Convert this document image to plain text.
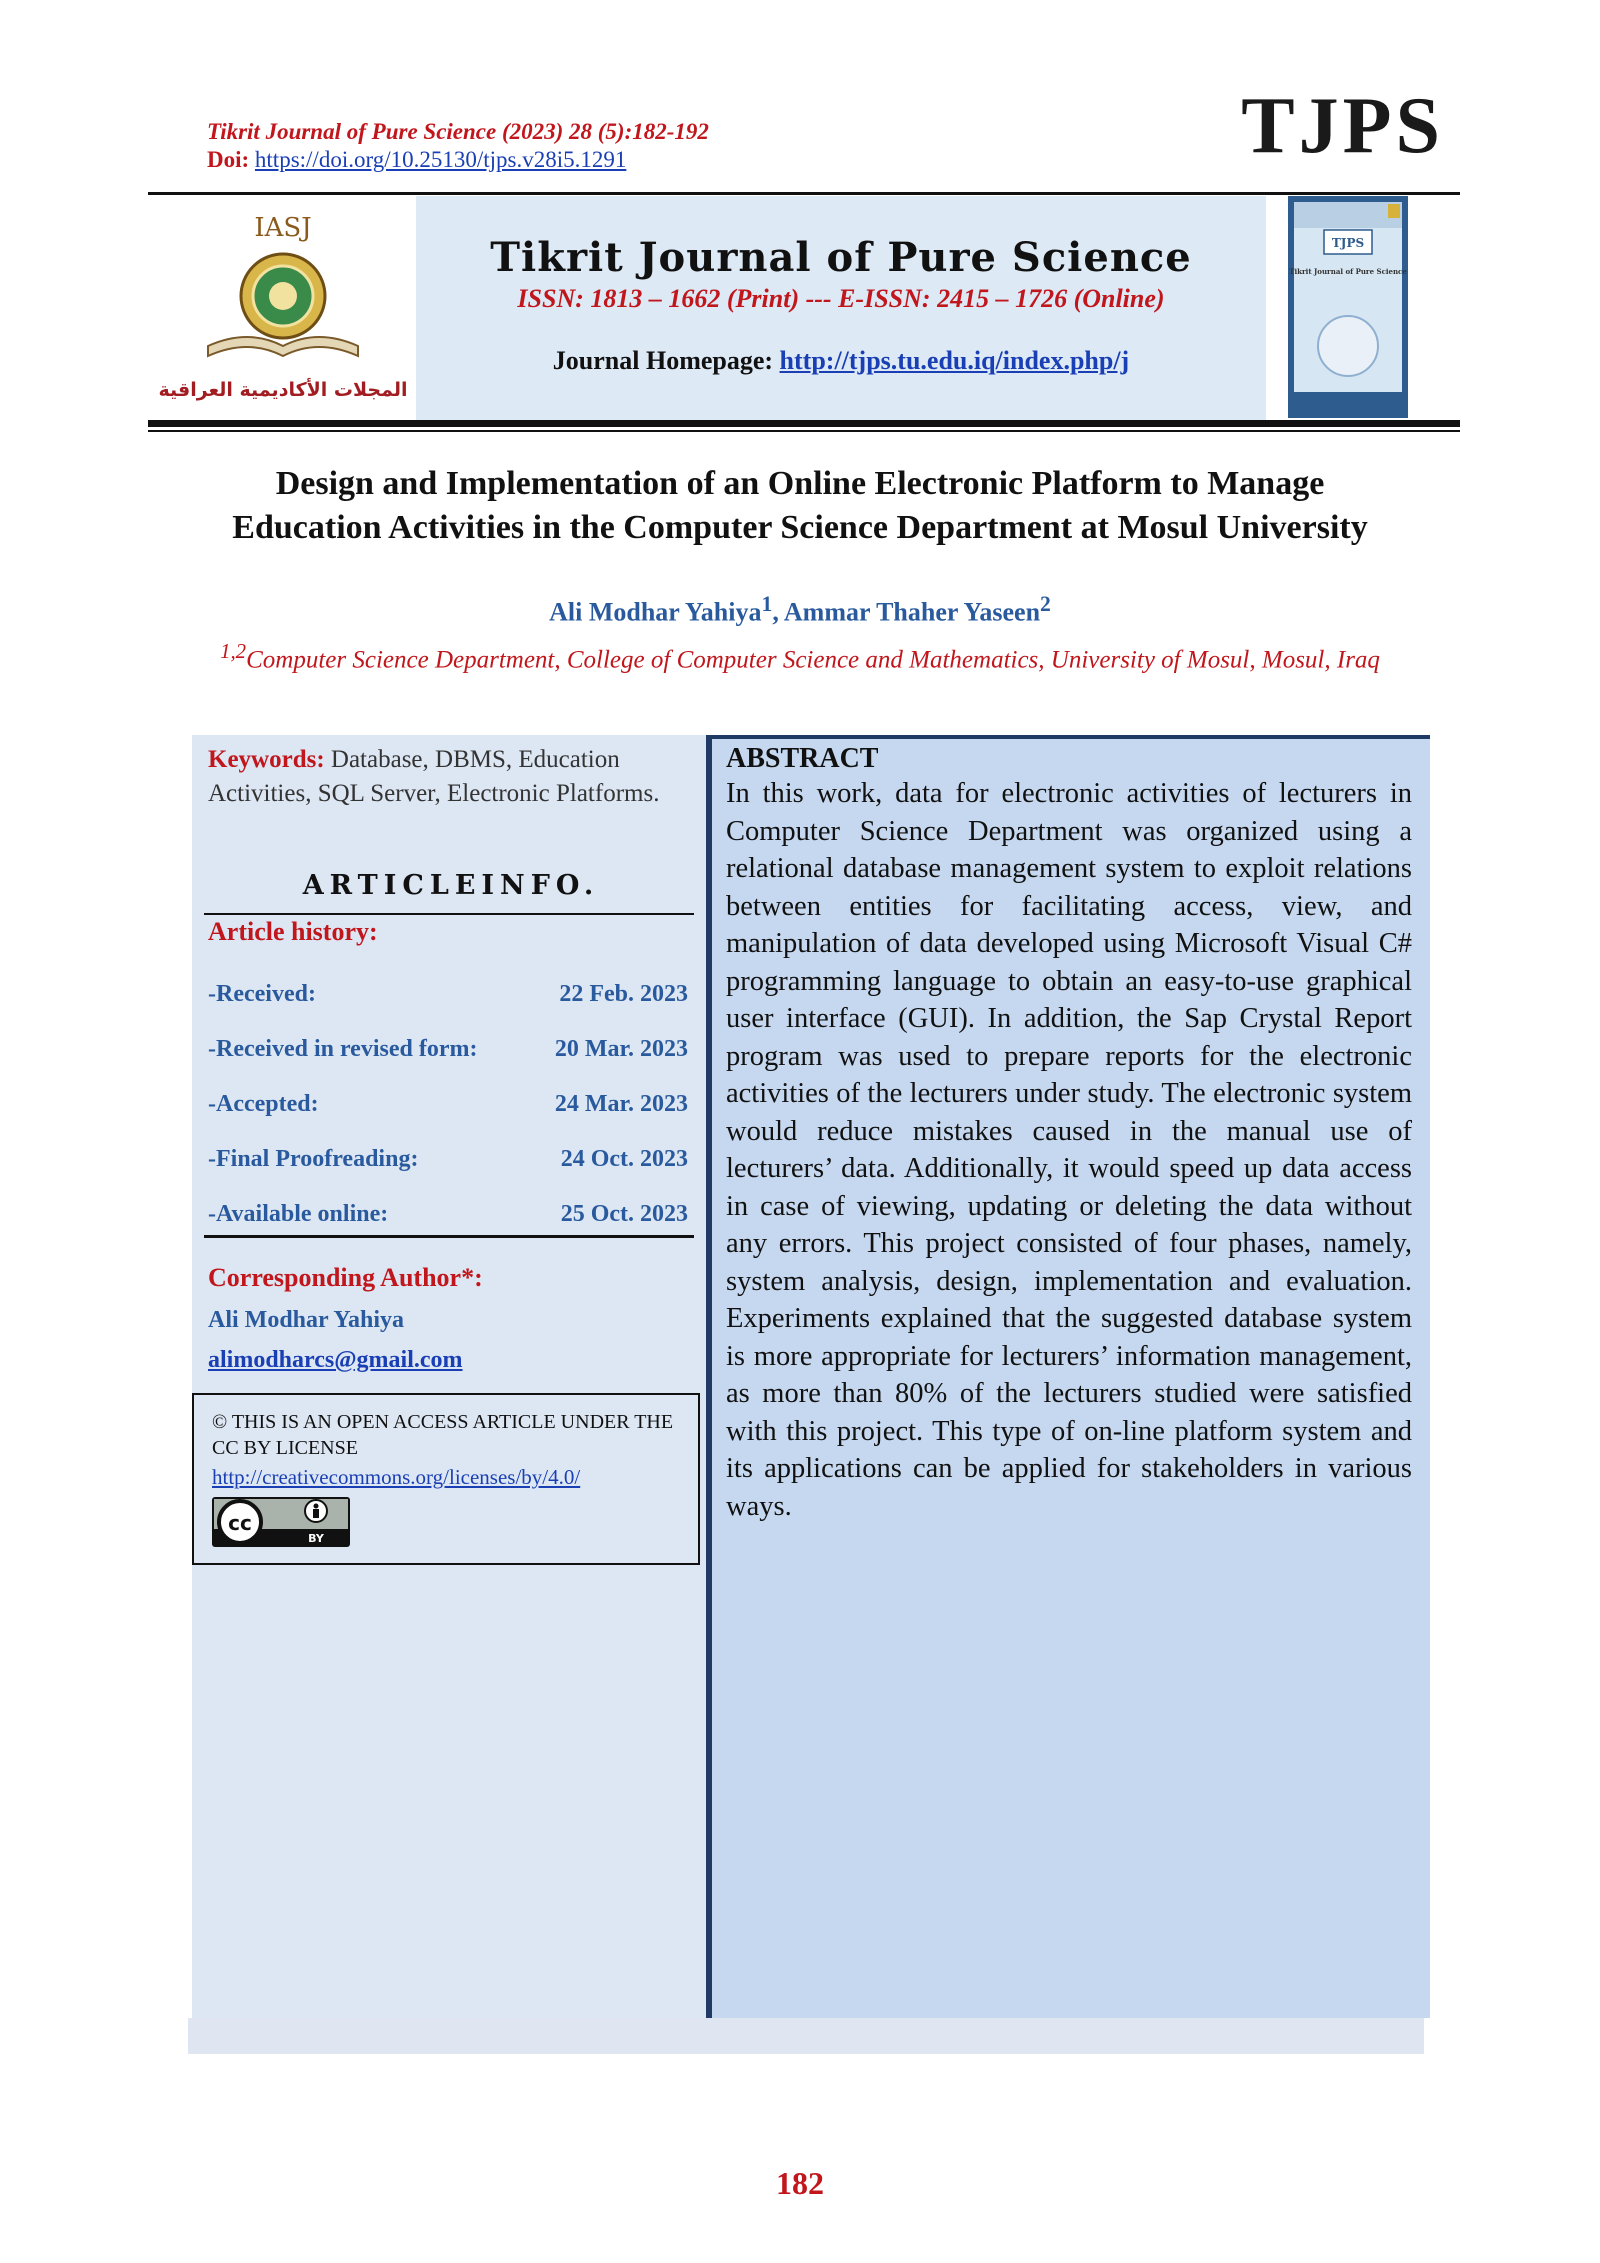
Tikrit Journal of Pure Science (2023) 28 (5):182-192
Doi: https://doi.org/10.25130/tjps.v28i5.1291	TJPS
IASJ
المجلات الأكاديمية العراقية
Tikrit Journal of Pure Science
ISSN: 1813 – 1662 (Print) --- E-ISSN: 2415 – 1726 (Online)
Journal Homepage: http://tjps.tu.edu.iq/index.php/j
TJPS
Tikrit Journal of Pure Science
Design and Implementation of an Online Electronic Platform to Manage Education Activities in the Computer Science Department at Mosul University
Ali Modhar Yahiya$^1$, Ammar Thaher Yaseen$^2$
$^{1,2}$Computer Science Department, College of Computer Science and Mathematics, University of Mosul, Mosul, Iraq
Keywords: Database, DBMS, Education Activities, SQL Server, Electronic Platforms.
ARTICLEINFO.
Article history:
-Received:	22 Feb. 2023
-Received in revised form:	20 Mar. 2023
-Accepted:	24 Mar. 2023
-Final Proofreading:	24 Oct. 2023
-Available online:	25 Oct. 2023
Corresponding Author*:
Ali Modhar Yahiya
alimodharcs@gmail.com
© THIS IS AN OPEN ACCESS ARTICLE UNDER THE CC BY LICENSE
http://creativecommons.org/licenses/by/4.0/
cc
BY
ABSTRACT

In this work, data for electronic activities of lecturers in Computer Science Department was organized using a relational database management system to exploit relations between entities for facilitating access, view, and manipulation of data developed using Microsoft Visual C# programming language to obtain an easy-to-use graphical user interface (GUI). In addition, the Sap Crystal Report program was used to prepare reports for the electronic activities of the lecturers under study. The electronic system would reduce mistakes caused in the manual use of lecturers’ data. Additionally, it would speed up data access in case of viewing, updating or deleting the data without any errors. This project consisted of four phases, namely, system analysis, design, implementation and evaluation. Experiments explained that the suggested database system is more appropriate for lecturers’ information management, as more than 80% of the lecturers studied were satisfied with this project. This type of on-line platform system and its applications can be applied for stakeholders in various ways.

182
